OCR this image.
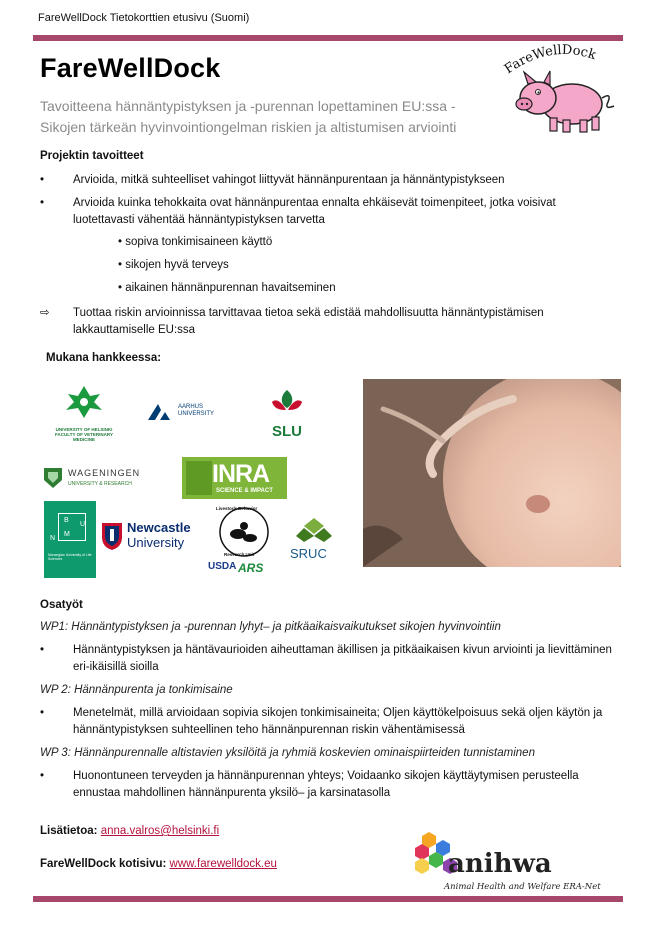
FareWellDock Tietokorttien etusivu (Suomi)
FareWellDock
Tavoitteena hännäntypistyksen ja -purennan lopettaminen EU:ssa - Sikojen tärkeän hyvinvointiongelman riskien ja altistumisen arviointi
FareWellDock
Projektin tavoitteet
•	Arvioida, mitkä suhteelliset vahingot liittyvät hännänpurentaan ja hännäntypistykseen
•	Arvioida kuinka tehokkaita ovat hännänpurentaa ennalta ehkäisevät toimenpiteet, jotka voisivat luotettavasti vähentää hännäntypistyksen tarvetta
• sopiva tonkimisaineen käyttö
• sikojen hyvä terveys
• aikainen hännänpurennan havaitseminen
⇨ Tuottaa riskin arvioinnissa tarvittavaa tietoa sekä edistää mahdollisuutta hännäntypistämisen lakkauttamiselle EU:ssa
Mukana hankkeessa:
UNIVERSITY OF HELSINKI
FACULTY OF VETERINARY MEDICINE
AARHUS
UNIVERSITY
SLU
WAGENINGEN
UNIVERSITY & RESEARCH	INRA
SCIENCE & IMPACT
N
M
B
U
Norwegian University of Life Sciences
Newcastle
University
Livestock Behavior
Research Unit
USDA ARS
SRUC
Osatyöt
WP1: Hännäntypistyksen ja -purennan lyhyt– ja pitkäaikaisvaikutukset sikojen hyvinvointiin
•	Hännäntypistyksen ja häntävaurioiden aiheuttaman äkillisen ja pitkäaikaisen kivun arviointi ja lievittäminen eri-ikäisillä sioilla
WP 2: Hännänpurenta ja tonkimisaine
•	Menetelmät, millä arvioidaan sopivia sikojen tonkimisaineita; Oljen käyttökelpoisuus sekä oljen käytön ja hännäntypistyksen suhteellinen teho hännänpurennan riskin vähentämisessä
WP 3: Hännänpurennalle altistavien yksilöitä ja ryhmiä koskevien ominaispiirteiden tunnistaminen
•	Huonontuneen terveyden ja hännänpurennan yhteys; Voidaanko sikojen käyttäytymisen perusteella ennustaa mahdollinen hännänpurenta yksilö– ja karsinatasolla
Lisätietoa: anna.valros@helsinki.fi
FareWellDock kotisivu: www.farewelldock.eu	anihwa
Animal Health and Welfare ERA-Net
